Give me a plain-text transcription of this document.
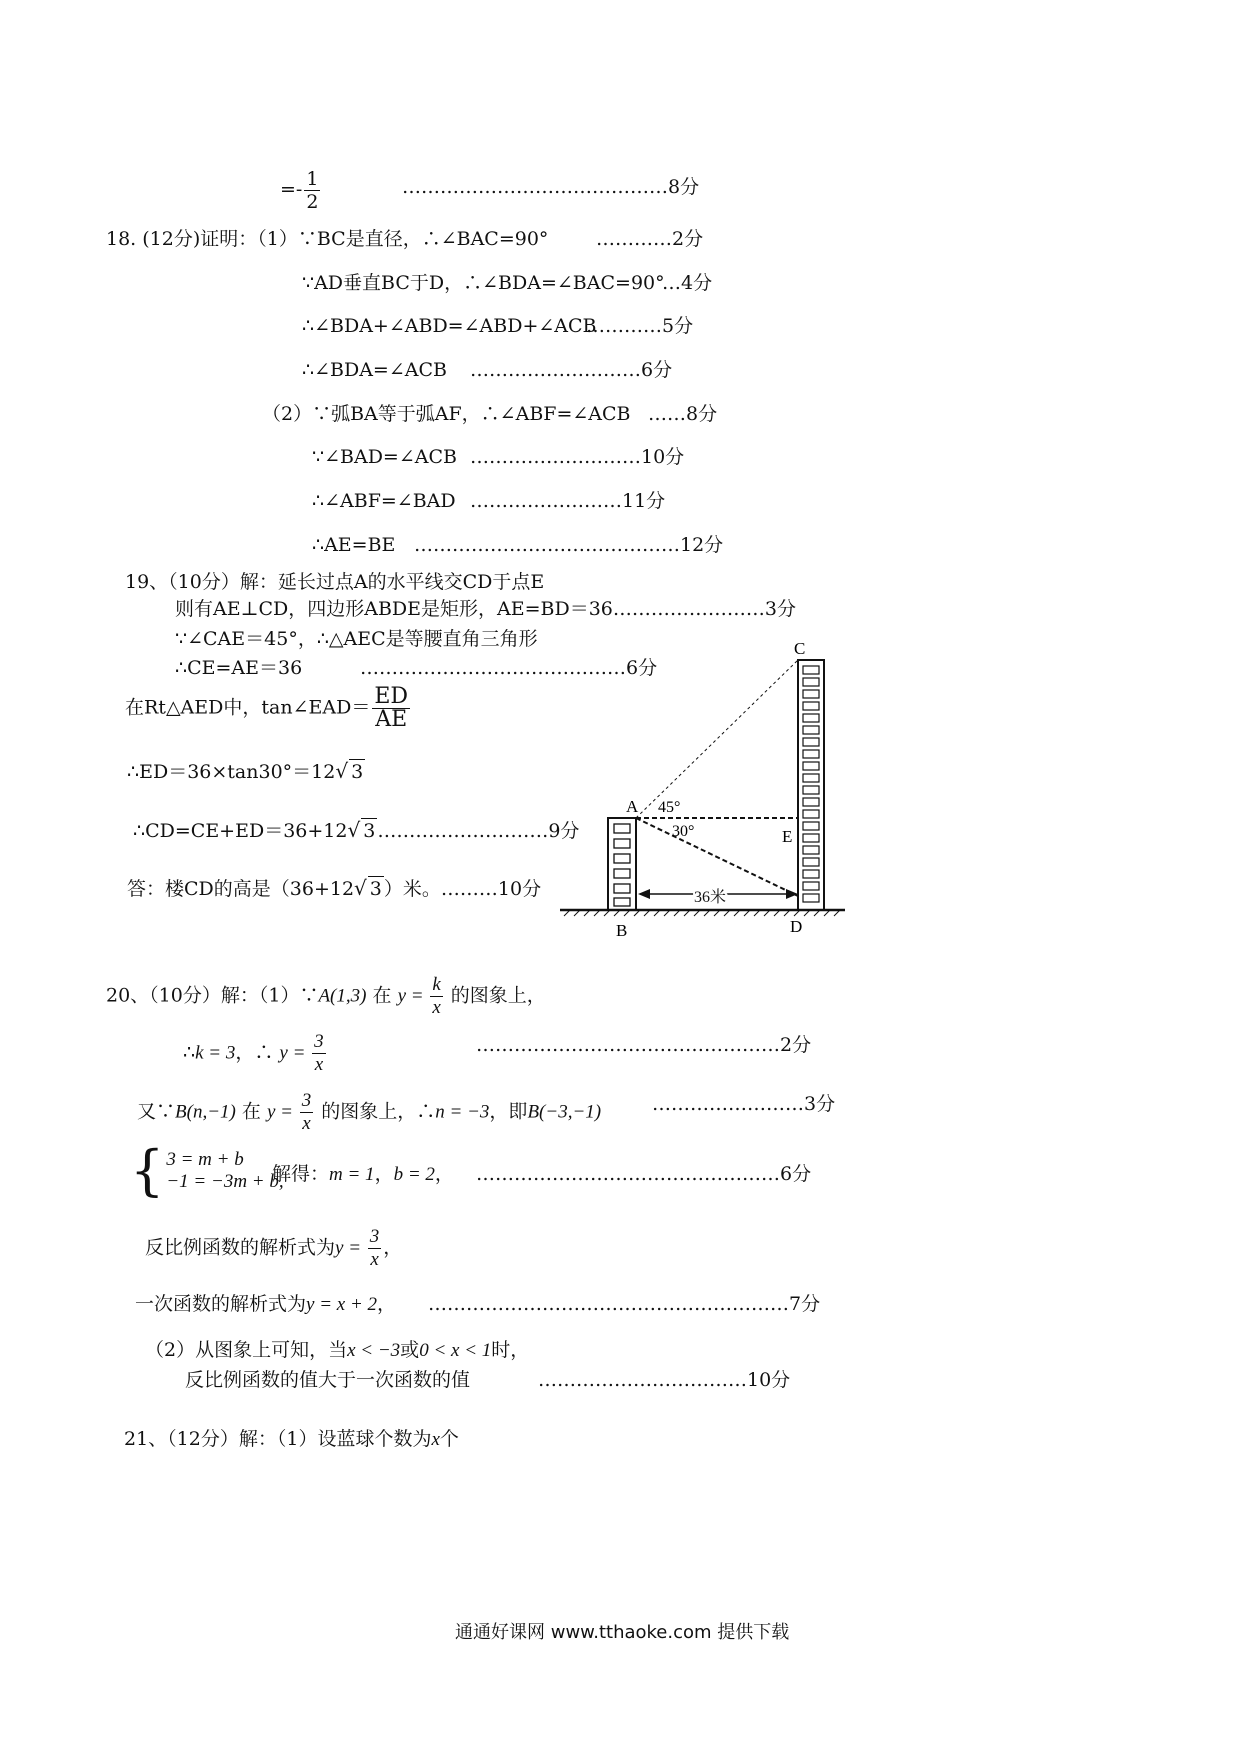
=- $\frac{1}{2}$	……………………………………8分
18. (12分)证明：（1）∵BC是直径，∴∠BAC=90°	…………2分
∵AD垂直BC于D，∴∠BDA=∠BAC=90°
…4分
∴∠BDA+∠ABD=∠ABD+∠ACB
…………5分
∴∠BDA=∠ACB ………………………6分
（2）∵弧BA等于弧AF，∴∠ABF=∠ACB ……8分
∵∠BAD=∠ACB ………………………10分
∴∠ABF=∠BAD ……………………11分
∴AE=BE ……………………………………12分
19、（10分）解：延长过点A的水平线交CD于点E
则有AE⊥CD，四边形ABDE是矩形，AE=BD＝36……………………3分
∵∠CAE＝45°，∴△AEC是等腰直角三角形
∴CE=AE＝36	……………………………………6分
在Rt△AED中，tan∠EAD＝ $\frac{ED}{AE}$
∴ED＝36×tan30°＝12√ 3
∴CD=CE+ED＝36+12√ 3 ………………………9分
答：楼CD的高是（36+12√ 3 ）米。………10分
A
B
C
D
E
45°
30°
36米
20、（10分）解：（1）∵A(1,3) 在 $y = \frac{k}{x}$ 的图象上，
∴k = 3，∴ $y = \frac{3}{x}$	…………………………………………2分
又∵B(n,−1) 在 $y = \frac{3}{x}$ 的图象上，∴n = −3，即B(−3,−1)	……………………3分
{ 3 = m + b
−1 = −3m + b,
解得：m = 1，b = 2， …………………………………………6分
反比例函数的解析式为$y = \frac{3}{x}$ ，
一次函数的解析式为y = x + 2， …………………………………………………7分
（2）从图象上可知，当x < −3或0 < x < 1时，
反比例函数的值大于一次函数的值	……………………………10分
21、（12分）解：（1）设蓝球个数为x个
通通好课网 www.tthaoke.com 提供下载
